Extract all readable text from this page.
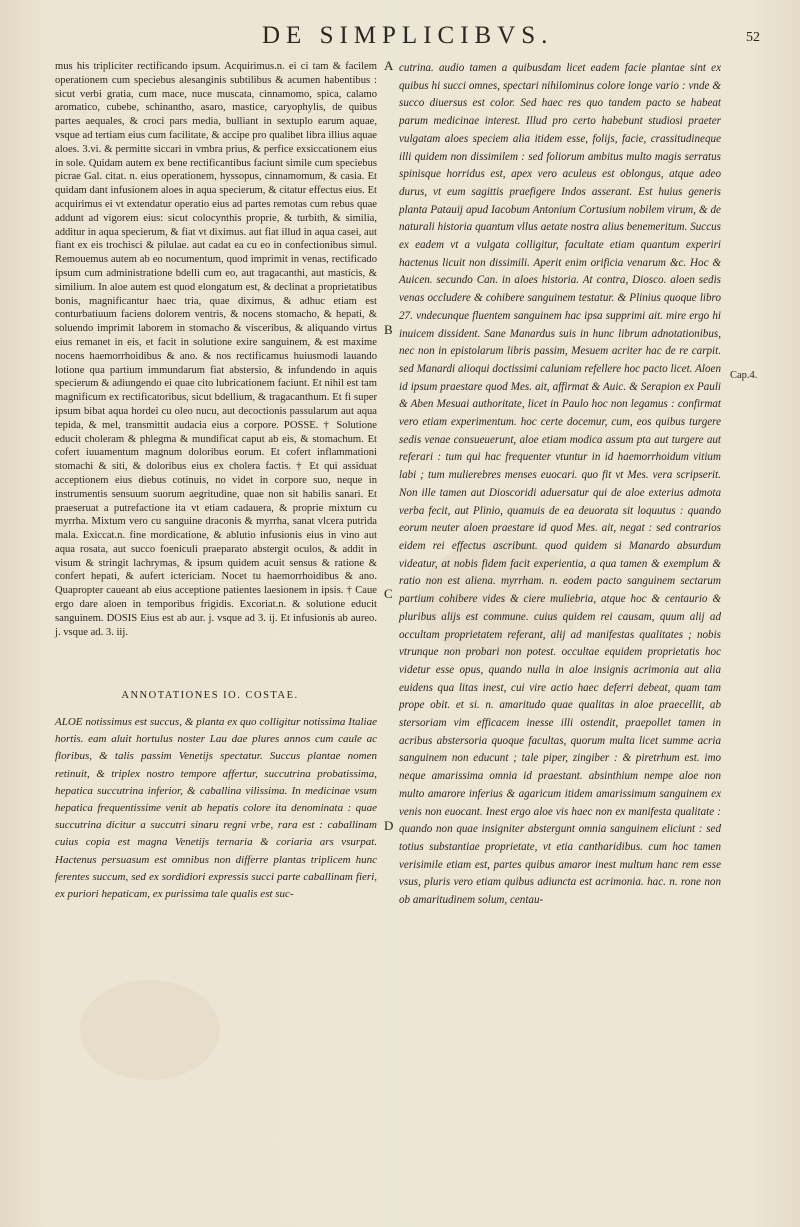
DE SIMPLICIBVS.	52
mus his tripliciter rectificando ipsum. Acquirimus.n. ei ci tam & facilem operationem cum speciebus alesanginis subtilibus & acumen habentibus : sicut verbi gratia, cum mace, nuce muscata, cinnamomo, spica, calamo aromatico, cubebe, schinantho, asaro, mastice, caryophylis, de quibus partes aequales, & croci pars media, bulliant in sextuplo earum aquae, vsque ad tertiam eius cum facilitate, & accipe pro qualibet libra illius aquae aloes. 3.vi. & permitte siccari in vmbra prius, & perfice exsiccationem eius in sole. Quidam autem ex bene rectificantibus faciunt simile cum speciebus picrae Gal. citat. n. eius operationem, hyssopus, cinnamomum, & casia. Et quidam dant infusionem aloes in aqua specierum, & citatur effectus eius. Et acquirimus ei vt extendatur operatio eius ad partes remotas cum rebus quae addunt ad vigorem eius: sicut colocynthis proprie, & turbith, & similia, additur in aqua specierum, & fiat vt diximus. aut fiat illud in aqua casei, aut fiant ex eis trochisci & pilulae. aut cadat ea cu eo in confectionibus simul. Remouemus autem ab eo nocumentum, quod imprimit in venas, rectificado ipsum cum administratione bdelli cum eo, aut tragacanthi, aut masticis, & similium. In aloe autem est quod elongatum est, & declinat a proprietatibus bonis, magnificantur haec tria, quae diximus, & adhuc etiam est conturbatiuum faciens dolorem ventris, & nocens stomacho, & hepati, & soluendo imprimit laborem in stomacho & visceribus, & aliquando virtus eius remanet in eis, et facit in solutione exire sanguinem, & est maxime nocens haemorrhoidibus & ano. & nos rectificamus huiusmodi lauando lotione qua partium immundarum fiat abstersio, & infundendo in aquis specierum & adiungendo ei quae cito lubricationem faciunt. Et nihil est tam magnificum ex rectificatoribus, sicut bdellium, & tragacanthum. Et fi super ipsum bibat aqua hordei cu oleo nucu, aut decoctionis passularum aut aqua tepida, & mel, transmittit audacia eius a corpore. POSSE. † Solutione educit choleram & phlegma & mundificat caput ab eis, & stomachum. Et cofert iuuamentum magnum doloribus eorum. Et cofert inflammationi stomachi & siti, & doloribus eius ex cholera factis. † Et qui assiduat acceptionem eius diebus cotinuis, no videt in corpore suo, neque in instrumentis sensuum suorum aegritudine, quae non sit habilis sanari. Et praeseruat a putrefactione ita vt etiam cadauera, & proprie mixtum cu myrrha. Mixtum vero cu sanguine draconis & myrrha, sanat vlcera putrida mala. Exiccat.n. fine mordicatione, & ablutio infusionis eius in vino aut aqua rosata, aut succo foeniculi praeparato abstergit oculos, & addit in visum & stringit lachrymas, & ipsum quidem acuit sensus & ratione & confert hepati, & aufert ictericiam. Nocet tu haemorrhoidibus & ano. Quapropter caueant ab eius acceptione patientes laesionem in ipsis. † Caue ergo dare aloen in temporibus frigidis. Excoriat.n. & solutione educit sanguinem. DOSIS Eius est ab aur. j. vsque ad 3. ij. Et infusionis ab aureo. j. vsque ad. 3. iij.
A
B
C
D
ANNOTATIONES IO. COSTAE.
ALOE notissimus est succus, & planta ex quo colligitur notissima Italiae hortis. eam aluit hortulus noster Lau dae plures annos cum caule ac floribus, & talis passim Venetijs spectatur. Succus plantae nomen retinuit, & triplex nostro tempore affertur, succutrina probatissima, hepatica succutrina inferior, & caballina vilissima. In medicinae vsum hepatica frequentissime venit ab hepatis colore ita denominata : quae succutrina dicitur a succutri sinaru regni vrbe, rara est : caballinam cuius copia est magna Venetijs ternaria & coriaria ars vsurpat. Hactenus persuasum est omnibus non differre plantas triplicem hunc ferentes succum, sed ex sordidiori expressis succi parte caballinam fieri, ex puriori hepaticam, ex purissima tale qualis est suc-
cutrina. audio tamen a quibusdam licet eadem facie plantae sint ex quibus hi succi omnes, spectari nihilominus colore longe vario : vnde & succo diuersus est color. Sed haec res quo tandem pacto se habeat parum medicinae interest. Illud pro certo habebunt studiosi praeter vulgatam aloes speciem alia itidem esse, folijs, facie, crassitudineque illi quidem non dissimilem : sed foliorum ambitus multo magis serratus spinisque horridus est, apex vero aculeus est oblongus, atque adeo durus, vt eum sagittis praefigere Indos asserant. Est huius generis planta Patauij apud Iacobum Antonium Cortusium nobilem virum, & de naturali historia quantum vllus aetate nostra alius benemeritum. Succus ex eadem vt a vulgata colligitur, facultate etiam quantum experiri hactenus licuit non dissimili. Aperit enim orificia venarum &c. Hoc & Auicen. secundo Can. in aloes historia. At contra, Diosco. aloen sedis venas occludere & cohibere sanguinem testatur. & Plinius quoque libro 27. vndecunque fluentem sanguinem hac ipsa supprimi ait. mire ergo hi inuicem dissident. Sane Manardus suis in hunc librum adnotationibus, nec non in epistolarum libris passim, Mesuem acriter hac de re carpit. sed Manardi alioqui doctissimi caluniam refellere hoc pacto licet. Aloen id ipsum praestare quod Mes. ait, affirmat & Auic. & Serapion ex Pauli & Aben Mesuai authoritate, licet in Paulo hoc non legamus : confirmat vero etiam experimentum. hoc certe docemur, cum, eos quibus turgere sedis venae consueuerunt, aloe etiam modica assum pta aut turgere aut referari : tum qui hac frequenter vtuntur in id haemorrhoidum vitium labi ; tum mulierebres menses euocari. quo fit vt Mes. vera scripserit. Non ille tamen aut Dioscoridi aduersatur qui de aloe exterius admota verba fecit, aut Plinio, quamuis de ea deuorata sit loquutus : quando eorum neuter aloen praestare id quod Mes. ait, negat : sed contrarios eidem rei effectus ascribunt. quod quidem si Manardo absurdum videatur, at nobis fidem facit experientia, a qua tamen & exemplum & ratio non est aliena. myrrham. n. eodem pacto sanguinem sectarum partium cohibere vides & ciere muliebria, atque hoc & centaurio & pluribus alijs est commune. cuius quidem rei causam, quum alij ad occultam proprietatem referant, alij ad manifestas qualitates ; nobis vtrunque non probari non potest. occultae equidem proprietatis hoc videtur esse opus, quando nulla in aloe insignis acrimonia aut alia euidens qua litas inest, cui vire actio haec deferri debeat, quam tam prope obit. et si. n. amaritudo quae qualitas in aloe praecellit, ab stersoriam vim efficacem inesse illi ostendit, praepollet tamen in acribus abstersoria quoque facultas, quorum multa licet summe acria sanguinem non educunt ; tale piper, zingiber : & piretrhum est. imo neque amarissima omnia id praestant. absinthium nempe aloe non multo amarore inferius & agaricum itidem amarissimum sanguinem ex venis non euocant. Inest ergo aloe vis haec non ex manifesta qualitate : quando non quae insigniter abstergunt omnia sanguinem eliciunt : sed totius substantiae proprietate, vt etia cantharidibus. cum hoc tamen verisimile etiam est, partes quibus amaror inest multum hanc rem esse vsus, pluris vero etiam quibus adiuncta est acrimonia. hac. n. rone non ob amaritudinem solum, centau-
Cap.4.
